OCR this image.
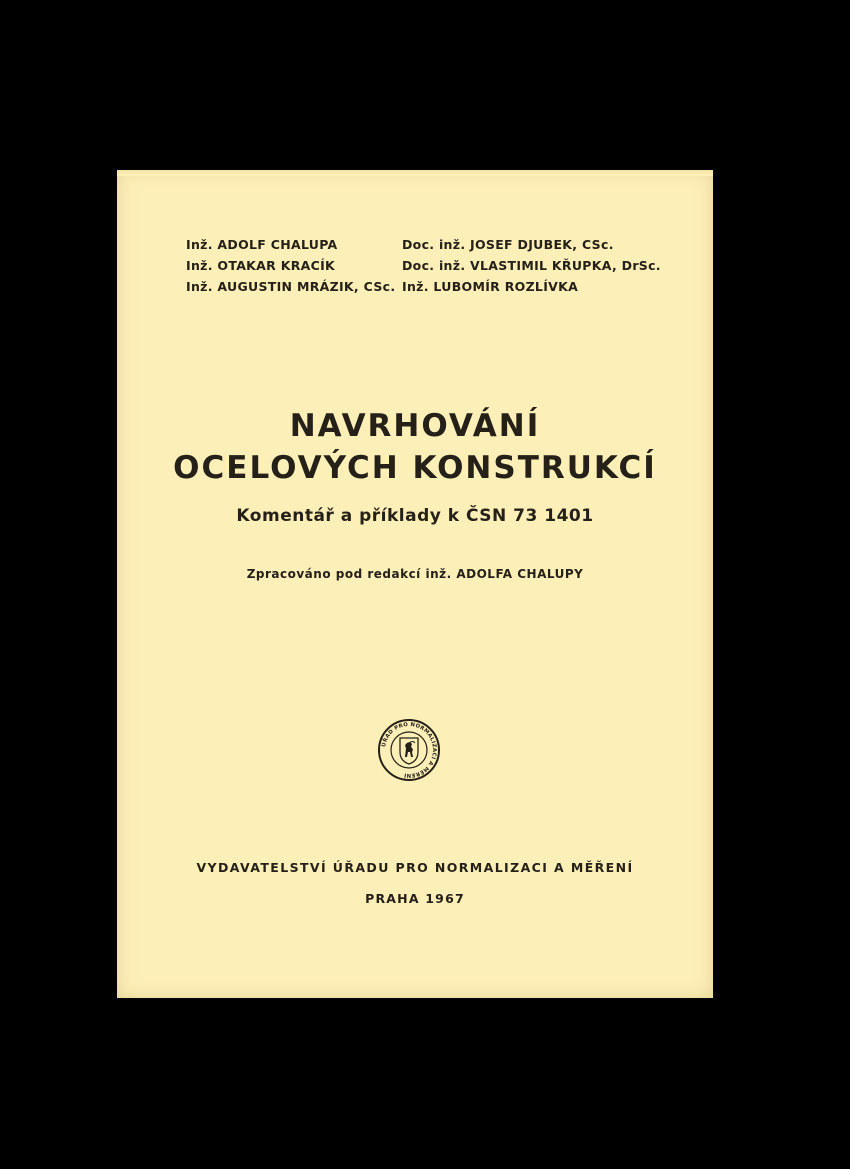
Inž. ADOLF CHALUPA
Inž. OTAKAR KRACÍK
Inž. AUGUSTIN MRÁZIK, CSc.
Doc. inž. JOSEF DJUBEK, CSc.
Doc. inž. VLASTIMIL KŘUPKA, DrSc.
Inž. LUBOMÍR ROZLÍVKA
NAVRHOVÁNÍ
OCELOVÝCH KONSTRUKCÍ
Komentář a příklady k ČSN 73 1401
Zpracováno pod redakcí inž. ADOLFA CHALUPY
ÚŘAD PRO NORMALIZACI A MĚŘENÍ
VYDAVATELSTVÍ ÚŘADU PRO NORMALIZACI A MĚŘENÍ
PRAHA 1967
